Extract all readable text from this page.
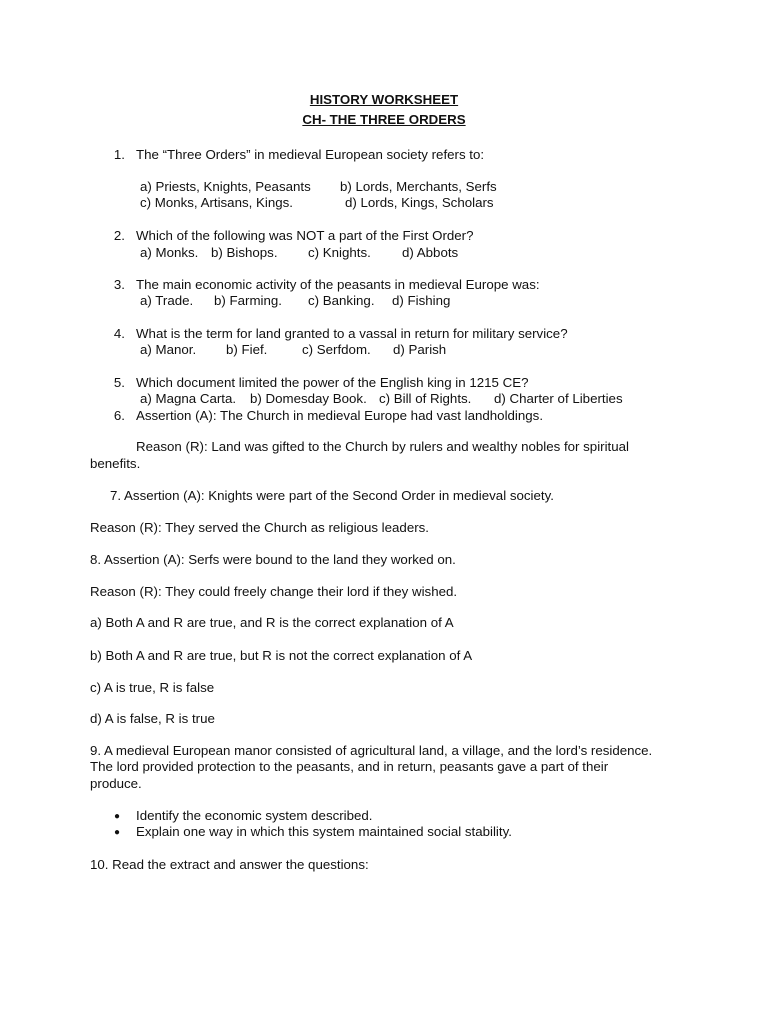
HISTORY WORKSHEET
CH- THE THREE ORDERS
1. The “Three Orders” in medieval European society refers to:
a) Priests, Knights, Peasants b) Lords, Merchants, Serfs
c) Monks, Artisans, Kings.	d) Lords, Kings, Scholars
2. Which of the following was NOT a part of the First Order?
a) Monks. b) Bishops. c) Knights. d) Abbots
3. The main economic activity of the peasants in medieval Europe was:
a) Trade. b) Farming. c) Banking. d) Fishing
4. What is the term for land granted to a vassal in return for military service?
a) Manor. b) Fief.	c) Serfdom. d) Parish
5. Which document limited the power of the English king in 1215 CE?
a) Magna Carta. b) Domesday Book. c) Bill of Rights. d) Charter of Liberties
6. Assertion (A): The Church in medieval Europe had vast landholdings.
Reason (R): Land was gifted to the Church by rulers and wealthy nobles for spiritual
benefits.
7. Assertion (A): Knights were part of the Second Order in medieval society.
Reason (R): They served the Church as religious leaders.
8. Assertion (A): Serfs were bound to the land they worked on.
Reason (R): They could freely change their lord if they wished.
a) Both A and R are true, and R is the correct explanation of A
b) Both A and R are true, but R is not the correct explanation of A
c) A is true, R is false
d) A is false, R is true
9. A medieval European manor consisted of agricultural land, a village, and the lord’s residence.
The lord provided protection to the peasants, and in return, peasants gave a part of their
produce.
● Identify the economic system described.
● Explain one way in which this system maintained social stability.
10. Read the extract and answer the questions:
